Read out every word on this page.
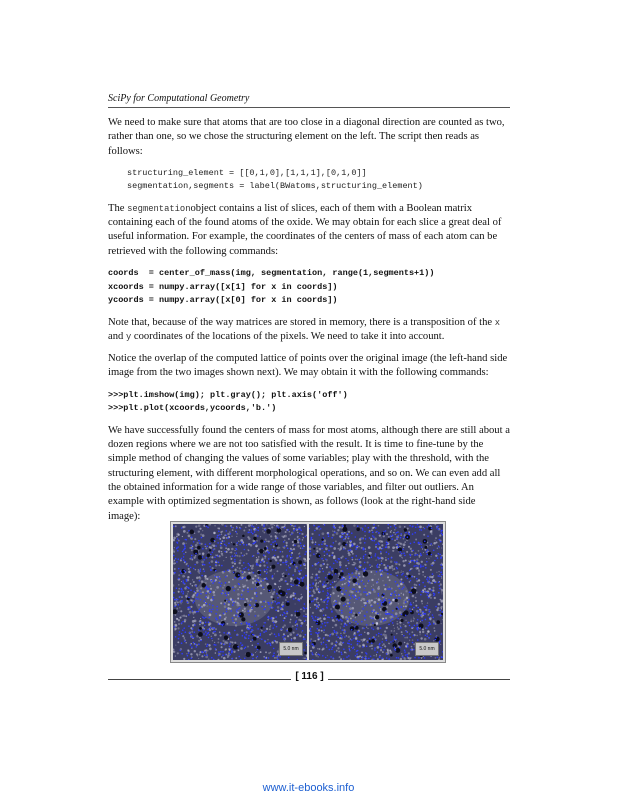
SciPy for Computational Geometry

We need to make sure that atoms that are too close in a diagonal direction are counted as two, rather than one, so we chose the structuring element on the left. The script then reads as follows:

structuring_element = [[0,1,0],[1,1,1],[0,1,0]]
segmentation,segments = label(BWatoms,structuring_element)

The segmentationobject contains a list of slices, each of them with a Boolean matrix containing each of the found atoms of the oxide. We may obtain for each slice a great deal of useful information. For example, the coordinates of the centers of mass of each atom can be retrieved with the following commands:

coords  = center_of_mass(img, segmentation, range(1,segments+1))
xcoords = numpy.array([x[1] for x in coords])
ycoords = numpy.array([x[0] for x in coords])

Note that, because of the way matrices are stored in memory, there is a transposition of the x and y coordinates of the locations of the pixels. We need to take it into account.

Notice the overlap of the computed lattice of points over the original image (the left-hand side image from the two images shown next). We may obtain it with the following commands:

>>>plt.imshow(img); plt.gray(); plt.axis('off')
>>>plt.plot(xcoords,ycoords,'b.')

We have successfully found the centers of mass for most atoms, although there are still about a dozen regions where we are not too satisfied with the result. It is time to fine-tune by the simple method of changing the values of some variables; play with the threshold, with the structuring element, with different morphological operations, and so on. We can even add all the obtained information for a wide range of those variables, and filter out outliers. An example with optimized segmentation is shown, as follows (look at the right-hand side image):

5.0 nm	5.0 nm
[ 116 ]
www.it-ebooks.info
